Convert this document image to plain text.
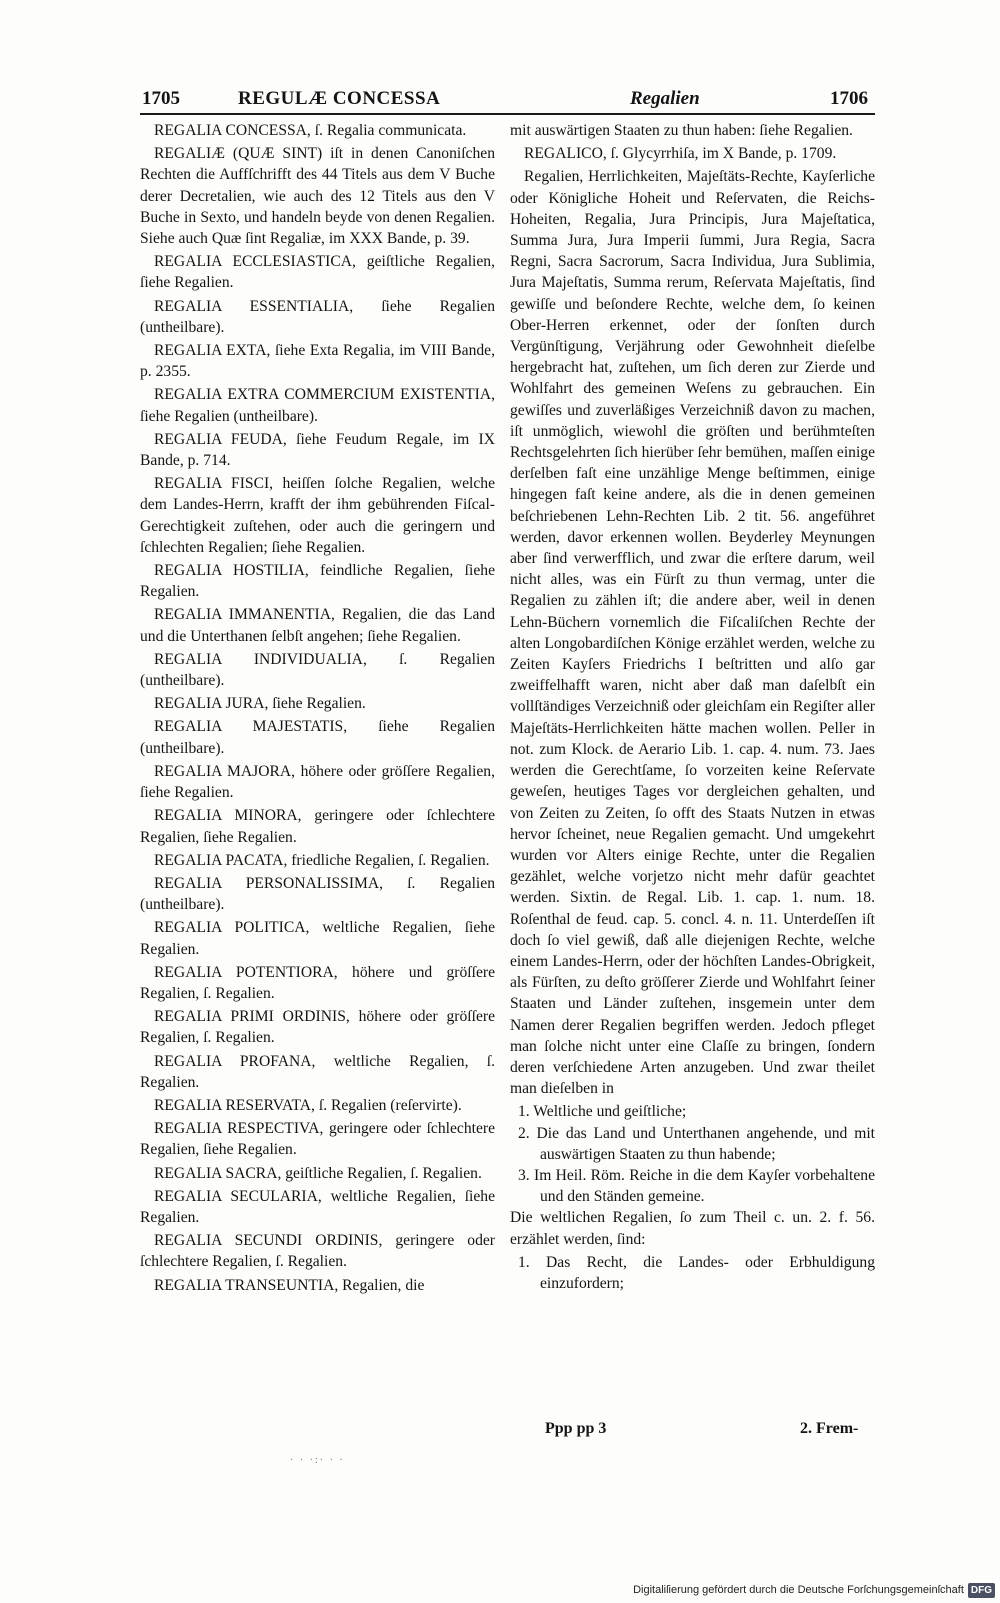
1705	REGULÆ CONCESSA	Regalien	1706

REGALIA CONCESSA, ſ. Regalia communicata.

REGALIÆ (QUÆ SINT) iſt in denen Canoniſchen Rechten die Auffſchrifft des 44 Titels aus dem V Buche derer Decretalien, wie auch des 12 Titels aus den V Buche in Sexto, und handeln beyde von denen Regalien. Siehe auch Quæ ſint Regaliæ, im XXX Bande, p. 39.

REGALIA ECCLESIASTICA, geiſtliche Regalien, ſiehe Regalien.

REGALIA ESSENTIALIA, ſiehe Regalien (untheilbare).

REGALIA EXTA, ſiehe Exta Regalia, im VIII Bande, p. 2355.

REGALIA EXTRA COMMERCIUM EXISTENTIA, ſiehe Regalien (untheilbare).

REGALIA FEUDA, ſiehe Feudum Regale, im IX Bande, p. 714.

REGALIA FISCI, heiſſen ſolche Regalien, welche dem Landes-Herrn, krafft der ihm gebührenden Fiſcal-Gerechtigkeit zuſtehen, oder auch die geringern und ſchlechten Regalien; ſiehe Regalien.

REGALIA HOSTILIA, feindliche Regalien, ſiehe Regalien.

REGALIA IMMANENTIA, Regalien, die das Land und die Unterthanen ſelbſt angehen; ſiehe Regalien.

REGALIA INDIVIDUALIA, ſ. Regalien (untheilbare).

REGALIA JURA, ſiehe Regalien.

REGALIA MAJESTATIS, ſiehe Regalien (untheilbare).

REGALIA MAJORA, höhere oder gröſſere Regalien, ſiehe Regalien.

REGALIA MINORA, geringere oder ſchlechtere Regalien, ſiehe Regalien.

REGALIA PACATA, friedliche Regalien, ſ. Regalien.

REGALIA PERSONALISSIMA, ſ. Regalien (untheilbare).

REGALIA POLITICA, weltliche Regalien, ſiehe Regalien.

REGALIA POTENTIORA, höhere und gröſſere Regalien, ſ. Regalien.

REGALIA PRIMI ORDINIS, höhere oder gröſſere Regalien, ſ. Regalien.

REGALIA PROFANA, weltliche Regalien, ſ. Regalien.

REGALIA RESERVATA, ſ. Regalien (reſervirte).

REGALIA RESPECTIVA, geringere oder ſchlechtere Regalien, ſiehe Regalien.

REGALIA SACRA, geiſtliche Regalien, ſ. Regalien.

REGALIA SECULARIA, weltliche Regalien, ſiehe Regalien.

REGALIA SECUNDI ORDINIS, geringere oder ſchlechtere Regalien, ſ. Regalien.

REGALIA TRANSEUNTIA, Regalien, die

mit auswärtigen Staaten zu thun haben: ſiehe Regalien.

REGALICO, ſ. Glycyrrhiſa, im X Bande, p. 1709.

Regalien, Herrlichkeiten, Majeſtäts-Rechte, Kayſerliche oder Königliche Hoheit und Reſervaten, die Reichs-Hoheiten, Regalia, Jura Principis, Jura Majeſtatica, Summa Jura, Jura Imperii ſummi, Jura Regia, Sacra Regni, Sacra Sacrorum, Sacra Individua, Jura Sublimia, Jura Majeſtatis, Summa rerum, Reſervata Majeſtatis, ſind gewiſſe und beſondere Rechte, welche dem, ſo keinen Ober-Herren erkennet, oder der ſonſten durch Vergünſtigung, Verjährung oder Gewohnheit dieſelbe hergebracht hat, zuſtehen, um ſich deren zur Zierde und Wohlfahrt des gemeinen Weſens zu gebrauchen. Ein gewiſſes und zuverläßiges Verzeichniß davon zu machen, iſt unmöglich, wiewohl die gröſten und berühmteſten Rechtsgelehrten ſich hierüber ſehr bemühen, maſſen einige derſelben faſt eine unzählige Menge beſtimmen, einige hingegen faſt keine andere, als die in denen gemeinen beſchriebenen Lehn-Rechten Lib. 2 tit. 56. angeführet werden, davor erkennen wollen. Beyderley Meynungen aber ſind verwerfflich, und zwar die erſtere darum, weil nicht alles, was ein Fürſt zu thun vermag, unter die Regalien zu zählen iſt; die andere aber, weil in denen Lehn-Büchern vornemlich die Fiſcaliſchen Rechte der alten Longobardiſchen Könige erzählet werden, welche zu Zeiten Kayſers Friedrichs I beſtritten und alſo gar zweiffelhafft waren, nicht aber daß man daſelbſt ein vollſtändiges Verzeichniß oder gleichſam ein Regiſter aller Majeſtäts-Herrlichkeiten hätte machen wollen. Peller in not. zum Klock. de Aerario Lib. 1. cap. 4. num. 73. Jaes werden die Gerechtſame, ſo vorzeiten keine Reſervate geweſen, heutiges Tages vor dergleichen gehalten, und von Zeiten zu Zeiten, ſo offt des Staats Nutzen in etwas hervor ſcheinet, neue Regalien gemacht. Und umgekehrt wurden vor Alters einige Rechte, unter die Regalien gezählet, welche vorjetzo nicht mehr dafür geachtet werden. Sixtin. de Regal. Lib. 1. cap. 1. num. 18. Roſenthal de feud. cap. 5. concl. 4. n. 11. Unterdeſſen iſt doch ſo viel gewiß, daß alle diejenigen Rechte, welche einem Landes-Herrn, oder der höchſten Landes-Obrigkeit, als Fürſten, zu deſto gröſſerer Zierde und Wohlfahrt ſeiner Staaten und Länder zuſtehen, insgemein unter dem Namen derer Regalien begriffen werden. Jedoch pfleget man ſolche nicht unter eine Claſſe zu bringen, ſondern deren verſchiedene Arten anzugeben. Und zwar theilet man dieſelben in

1. Weltliche und geiſtliche;

2. Die das Land und Unterthanen angehende, und mit auswärtigen Staaten zu thun habende;

3. Im Heil. Röm. Reiche in die dem Kayſer vorbehaltene und den Ständen gemeine.

Die weltlichen Regalien, ſo zum Theil c. un. 2. f. 56. erzählet werden, ſind:

1. Das Recht, die Landes- oder Erbhuldigung einzufordern;

Ppp pp 3	2. Frem-
· · ·:· · ·
Digitaliſierung gefördert durch die Deutsche Forſchungsgemeinſchaft DFG
